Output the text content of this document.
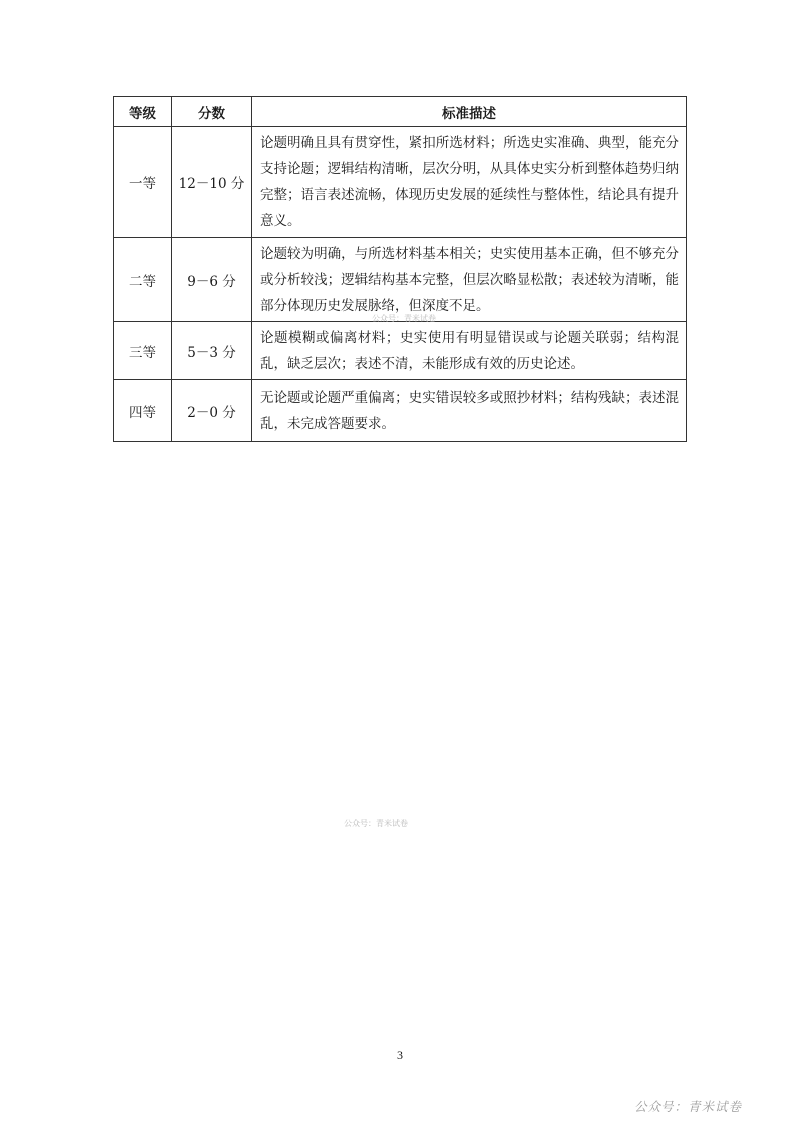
等级	分数	标准描述
一等	12－10 分	论题明确且具有贯穿性，紧扣所选材料；所选史实准确、典型，能充分支持论题；逻辑结构清晰，层次分明，从具体史实分析到整体趋势归纳完整；语言表述流畅，体现历史发展的延续性与整体性，结论具有提升意义。
二等	9－6 分	论题较为明确，与所选材料基本相关；史实使用基本正确，但不够充分或分析较浅；逻辑结构基本完整，但层次略显松散；表述较为清晰，能部分体现历史发展脉络，但深度不足。
三等	5－3 分	论题模糊或偏离材料；史实使用有明显错误或与论题关联弱；结构混乱，缺乏层次；表述不清，未能形成有效的历史论述。
四等	2－0 分	无论题或论题严重偏离；史实错误较多或照抄材料；结构残缺；表述混乱，未完成答题要求。
公众号：青米试卷
公众号：青米试卷
3
公众号：青米试卷
